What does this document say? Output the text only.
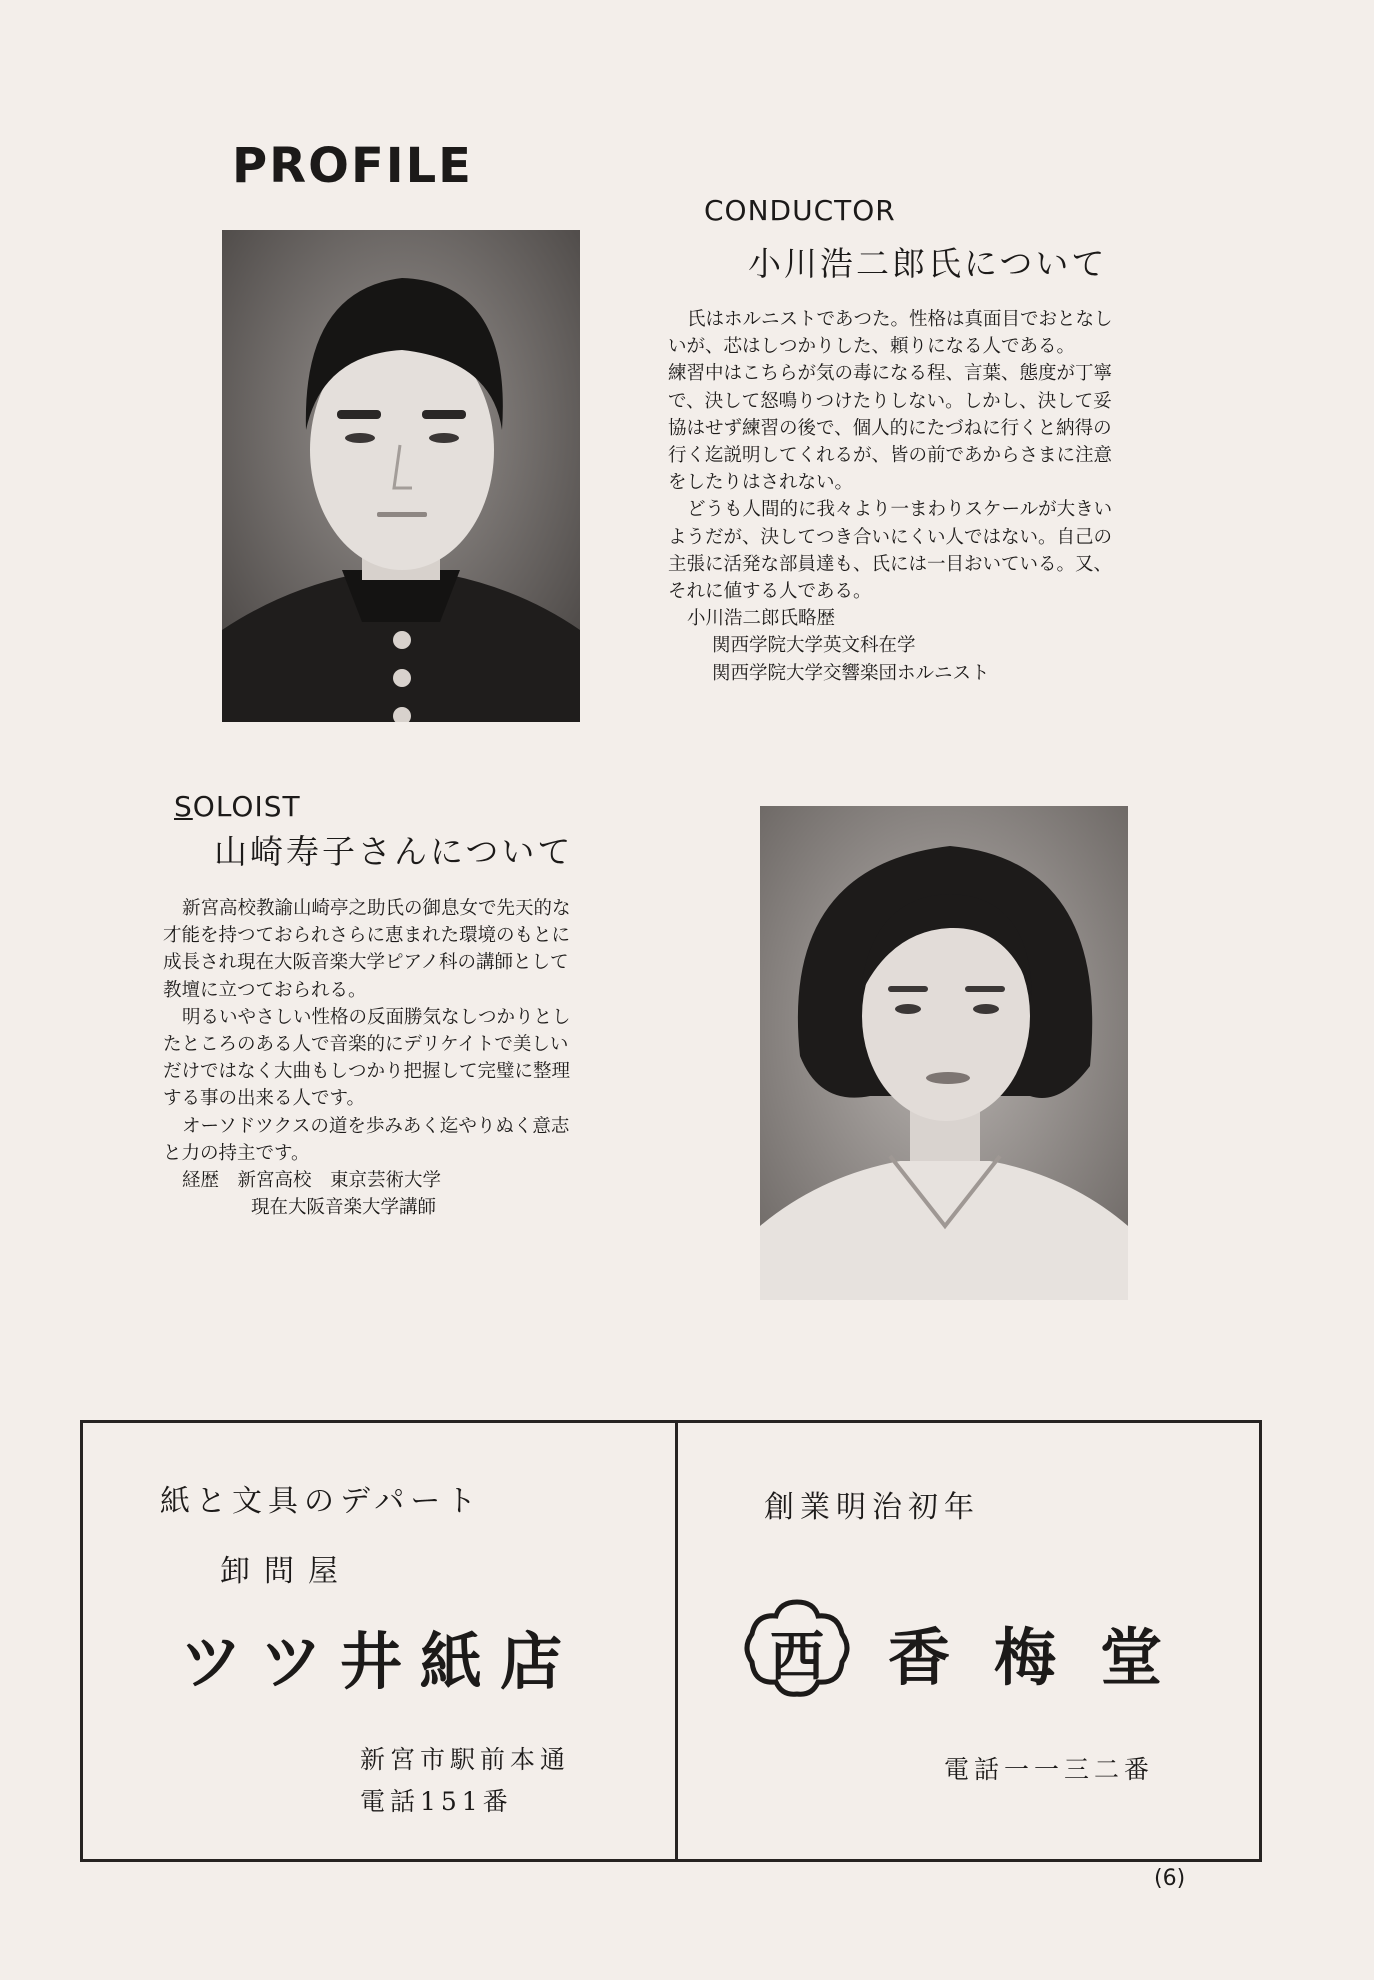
PROFILE
CONDUCTOR
小川浩二郎氏について

氏はホルニストであつた。性格は真面目でおとなし

いが、芯はしつかりした、頼りになる人である。

練習中はこちらが気の毒になる程、言葉、態度が丁寧

で、決して怒鳴りつけたりしない。しかし、決して妥

協はせず練習の後で、個人的にたづねに行くと納得の

行く迄説明してくれるが、皆の前であからさまに注意

をしたりはされない。

どうも人間的に我々より一まわりスケールが大きい

ようだが、決してつき合いにくい人ではない。自己の

主張に活発な部員達も、氏には一目おいている。又、

それに値する人である。

小川浩二郎氏略歴

関西学院大学英文科在学

関西学院大学交響楽団ホルニスト

SOLOIST
山崎寿子さんについて

新宮高校教諭山崎亭之助氏の御息女で先天的な

才能を持つておられさらに恵まれた環境のもとに

成長され現在大阪音楽大学ピアノ科の講師として

教壇に立つておられる。

明るいやさしい性格の反面勝気なしつかりとし

たところのある人で音楽的にデリケイトで美しい

だけではなく大曲もしつかり把握して完璧に整理

する事の出来る人です。

オーソドツクスの道を歩みあく迄やりぬく意志

と力の持主です。

経歴　新宮高校　東京芸術大学

現在大阪音楽大学講師

紙と文具のデパート
卸問屋
ツツ井紙店
新宮市駅前本通
電話151番
創業明治初年
西 香梅堂
電話一一三二番
(6)
